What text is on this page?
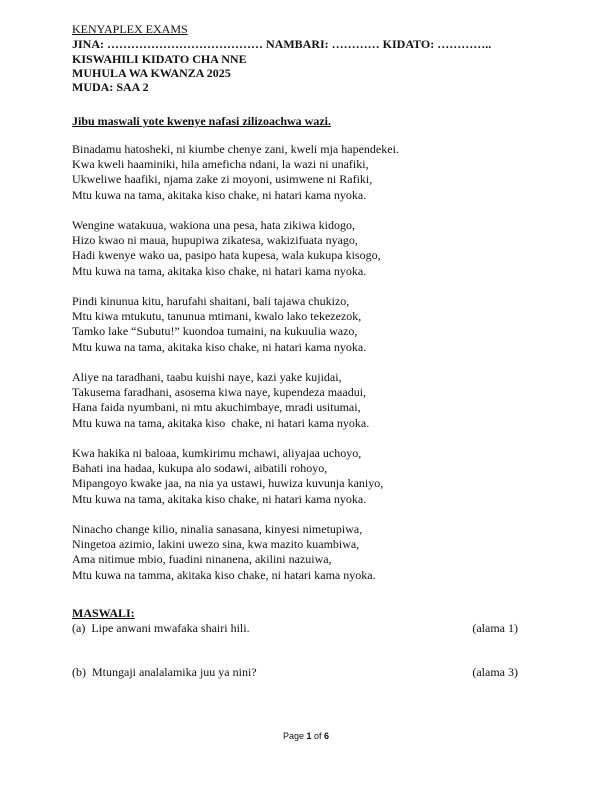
KENYAPLEX EXAMS
JINA: ………………………………… NAMBARI: ………… KIDATO: …………..
KISWAHILI KIDATO CHA NNE
MUHULA WA KWANZA 2025
MUDA: SAA 2
Jibu maswali yote kwenye nafasi zilizoachwa wazi.
Binadamu hatosheki, ni kiumbe chenye zani, kweli mja hapendekei.
Kwa kweli haaminiki, hila ameficha ndani, la wazi ni unafiki,
Ukweliwe haafiki, njama zake zi moyoni, usimwene ni Rafiki,
Mtu kuwa na tama, akitaka kiso chake, ni hatari kama nyoka.
Wengine watakuua, wakiona una pesa, hata zikiwa kidogo,
Hizo kwao ni maua, hupupiwa zikatesa, wakizifuata nyago,
Hadi kwenye wako ua, pasipo hata kupesa, wala kukupa kisogo,
Mtu kuwa na tama, akitaka kiso chake, ni hatari kama nyoka.
Pindi kinunua kitu, harufahi shaitani, bali tajawa chukizo,
Mtu kiwa mtukutu, tanunua mtimani, kwalo lako tekezezok,
Tamko lake “Subutu!” kuondoa tumaini, na kukuulia wazo,
Mtu kuwa na tama, akitaka kiso chake, ni hatari kama nyoka.
Aliye na taradhani, taabu kuishi naye, kazi yake kujidai,
Takusema faradhani, asosema kiwa naye, kupendeza maadui,
Hana faida nyumbani, ni mtu akuchimbaye, mradi usitumai,
Mtu kuwa na tama, akitaka kiso  chake, ni hatari kama nyoka.
Kwa hakika ni baloaa, kumkirimu mchawi, aliyajaa uchoyo,
Bahati ina hadaa, kukupa alo sodawi, aibatili rohoyo,
Mipangoyo kwake jaa, na nia ya ustawi, huwiza kuvunja kaniyo,
Mtu kuwa na tama, akitaka kiso chake, ni hatari kama nyoka.
Ninacho change kilio, ninalia sanasana, kinyesi nimetupiwa,
Ningetoa azimio, lakini uwezo sina, kwa mazito kuambiwa,
Ama nitimue mbio, fuadini ninanena, akilini nazuiwa,
Mtu kuwa na tamma, akitaka kiso chake, ni hatari kama nyoka.
MASWALI:
(a)  Lipe anwani mwafaka shairi hili.	(alama 1)
(b)  Mtungaji analalamika juu ya nini?	(alama 3)
Page 1 of 6
